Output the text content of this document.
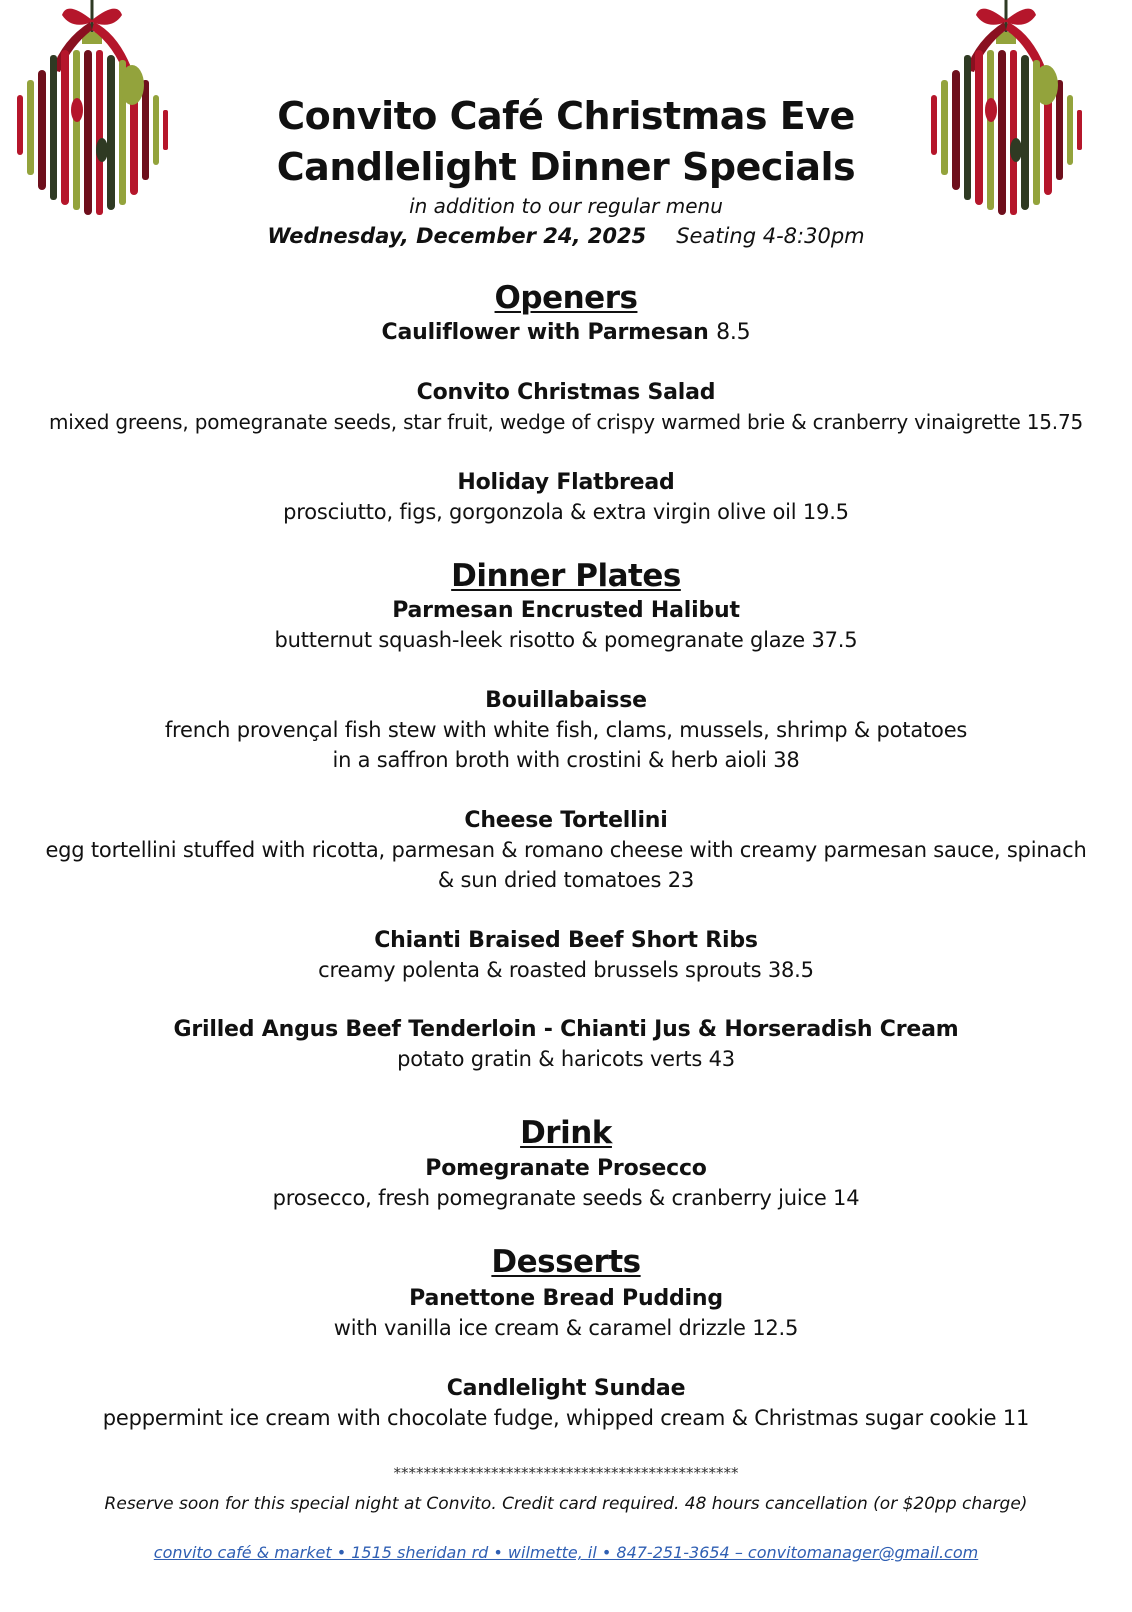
Convito Café Christmas Eve
Candlelight Dinner Specials
in addition to our regular menu
Wednesday, December 24, 2025 Seating 4-8:30pm
Openers
Cauliflower with Parmesan 8.5
Convito Christmas Salad
mixed greens, pomegranate seeds, star fruit, wedge of crispy warmed brie & cranberry vinaigrette 15.75
Holiday Flatbread
prosciutto, figs, gorgonzola & extra virgin olive oil 19.5
Dinner Plates
Parmesan Encrusted Halibut
butternut squash-leek risotto & pomegranate glaze 37.5
Bouillabaisse
french provençal fish stew with white fish, clams, mussels, shrimp & potatoes
in a saffron broth with crostini & herb aioli 38
Cheese Tortellini
egg tortellini stuffed with ricotta, parmesan & romano cheese with creamy parmesan sauce, spinach
& sun dried tomatoes 23
Chianti Braised Beef Short Ribs
creamy polenta & roasted brussels sprouts 38.5
Grilled Angus Beef Tenderloin - Chianti Jus & Horseradish Cream
potato gratin & haricots verts 43
Drink
Pomegranate Prosecco
prosecco, fresh pomegranate seeds & cranberry juice 14
Desserts
Panettone Bread Pudding
with vanilla ice cream & caramel drizzle 12.5
Candlelight Sundae
peppermint ice cream with chocolate fudge, whipped cream & Christmas sugar cookie 11
**********************************************
Reserve soon for this special night at Convito. Credit card required. 48 hours cancellation (or $20pp charge)
convito café & market • 1515 sheridan rd • wilmette, il • 847-251-3654 – convitomanager@gmail.com
